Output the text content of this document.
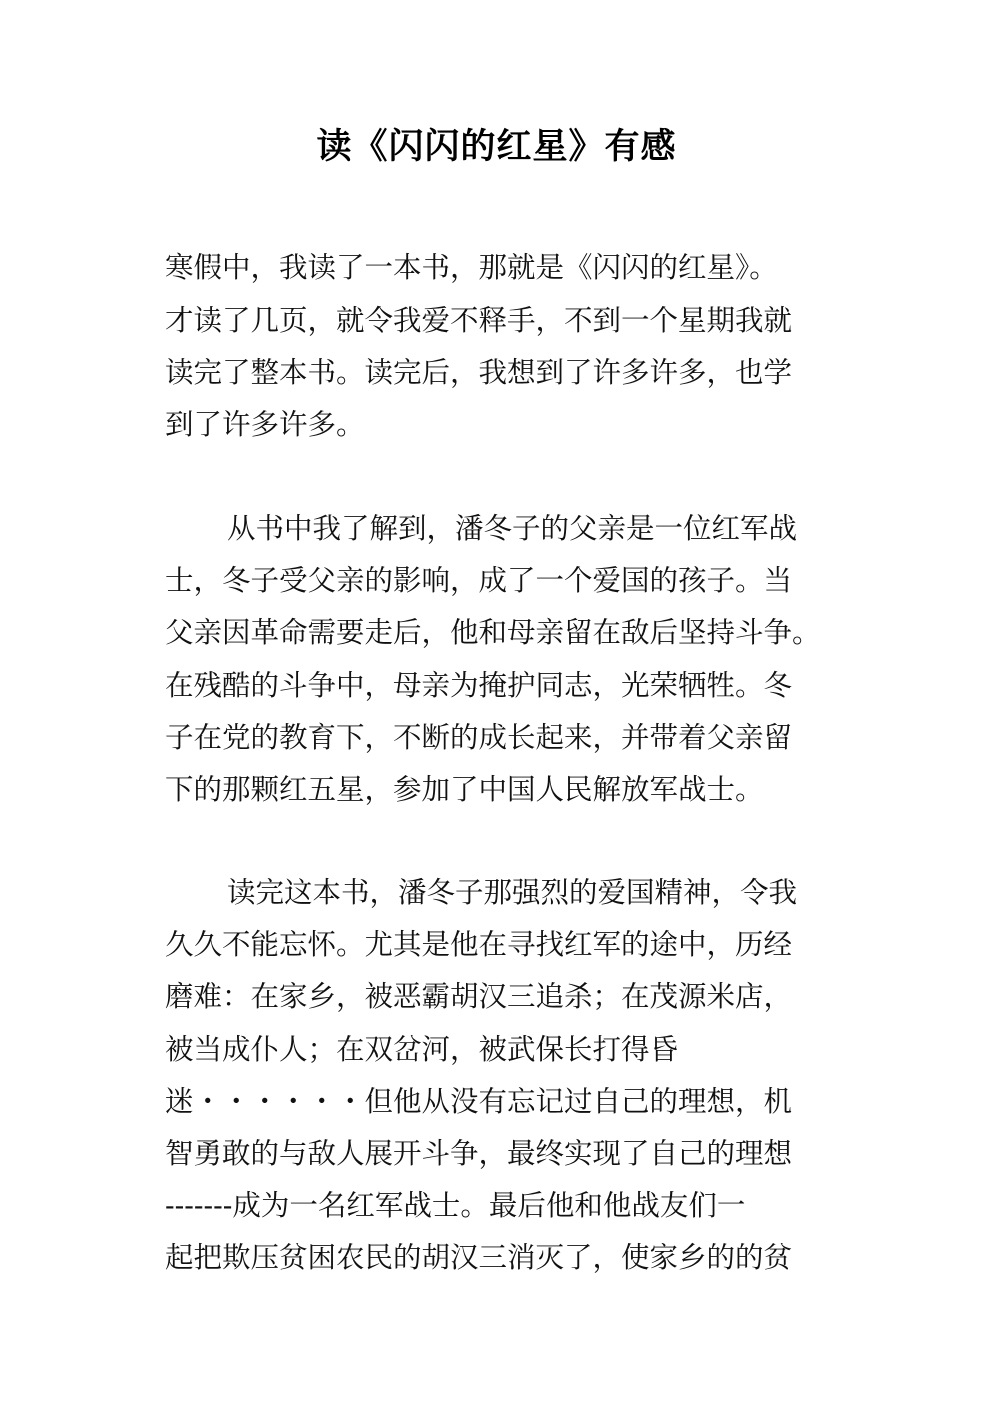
读《闪闪的红星》有感
寒假中，我读了一本书，那就是《闪闪的红星》。
才读了几页，就令我爱不释手，不到一个星期我就
读完了整本书。读完后，我想到了许多许多，也学
到了许多许多。
从书中我了解到，潘冬子的父亲是一位红军战
士，冬子受父亲的影响，成了一个爱国的孩子。当
父亲因革命需要走后，他和母亲留在敌后坚持斗争。
在残酷的斗争中，母亲为掩护同志，光荣牺牲。冬
子在党的教育下，不断的成长起来，并带着父亲留
下的那颗红五星，参加了中国人民解放军战士。
读完这本书，潘冬子那强烈的爱国精神，令我
久久不能忘怀。尤其是他在寻找红军的途中，历经
磨难：在家乡，被恶霸胡汉三追杀；在茂源米店，
被当成仆人；在双岔河，被武保长打得昏
迷・・・・・・但他从没有忘记过自己的理想，机
智勇敢的与敌人展开斗争，最终实现了自己的理想
-------成为一名红军战士。最后他和他战友们一
起把欺压贫困农民的胡汉三消灭了，使家乡的的贫
